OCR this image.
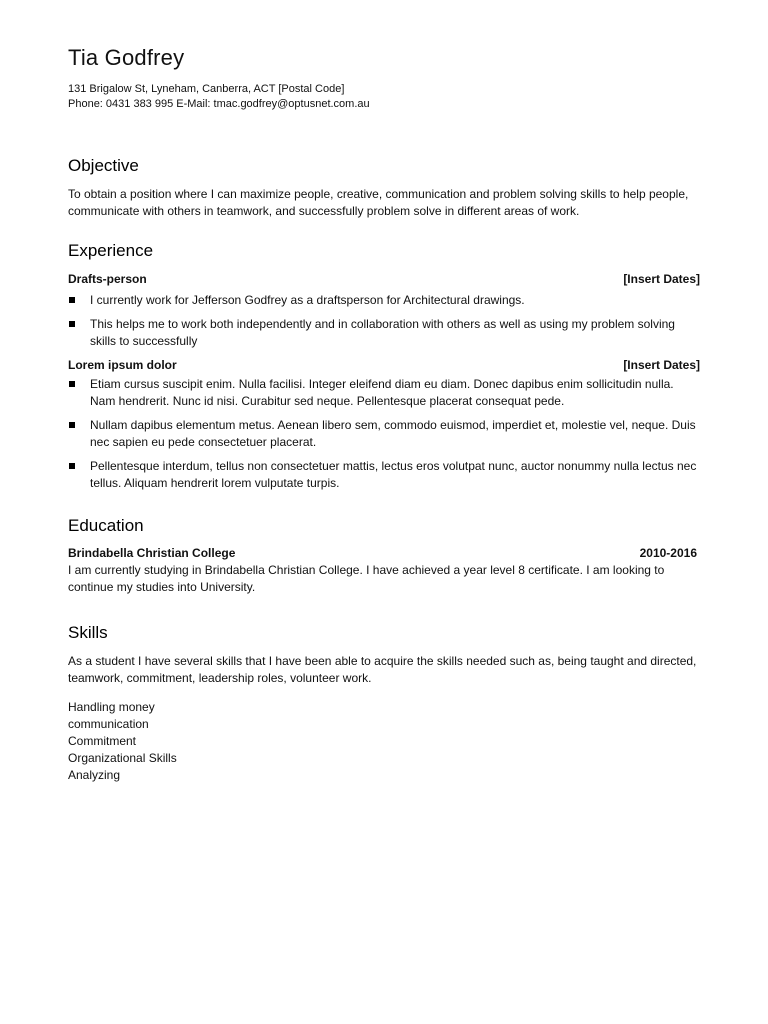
Tia Godfrey
131 Brigalow St, Lyneham, Canberra, ACT [Postal Code]
Phone: 0431 383 995 E-Mail: tmac.godfrey@optusnet.com.au
Objective

To obtain a position where I can maximize people, creative, communication and problem solving skills to help people, communicate with others in teamwork, and successfully problem solve in different areas of work.

Experience
Drafts-person	[Insert Dates]
I currently work for Jefferson Godfrey as a draftsperson for Architectural drawings.
This helps me to work both independently and in collaboration with others as well as using my problem solving skills to successfully
Lorem ipsum dolor	[Insert Dates]
Etiam cursus suscipit enim. Nulla facilisi. Integer eleifend diam eu diam. Donec dapibus enim sollicitudin nulla. Nam hendrerit. Nunc id nisi. Curabitur sed neque. Pellentesque placerat consequat pede.
Nullam dapibus elementum metus. Aenean libero sem, commodo euismod, imperdiet et, molestie vel, neque. Duis nec sapien eu pede consectetuer placerat.
Pellentesque interdum, tellus non consectetuer mattis, lectus eros volutpat nunc, auctor nonummy nulla lectus nec tellus. Aliquam hendrerit lorem vulputate turpis.
Education
Brindabella Christian College	2010-2016

I am currently studying in Brindabella Christian College. I have achieved a year level 8 certificate. I am looking to continue my studies into University.

Skills

As a student I have several skills that I have been able to acquire the skills needed such as, being taught and directed, teamwork, commitment, leadership roles, volunteer work.

Handling money
communication
Commitment
Organizational Skills
Analyzing
